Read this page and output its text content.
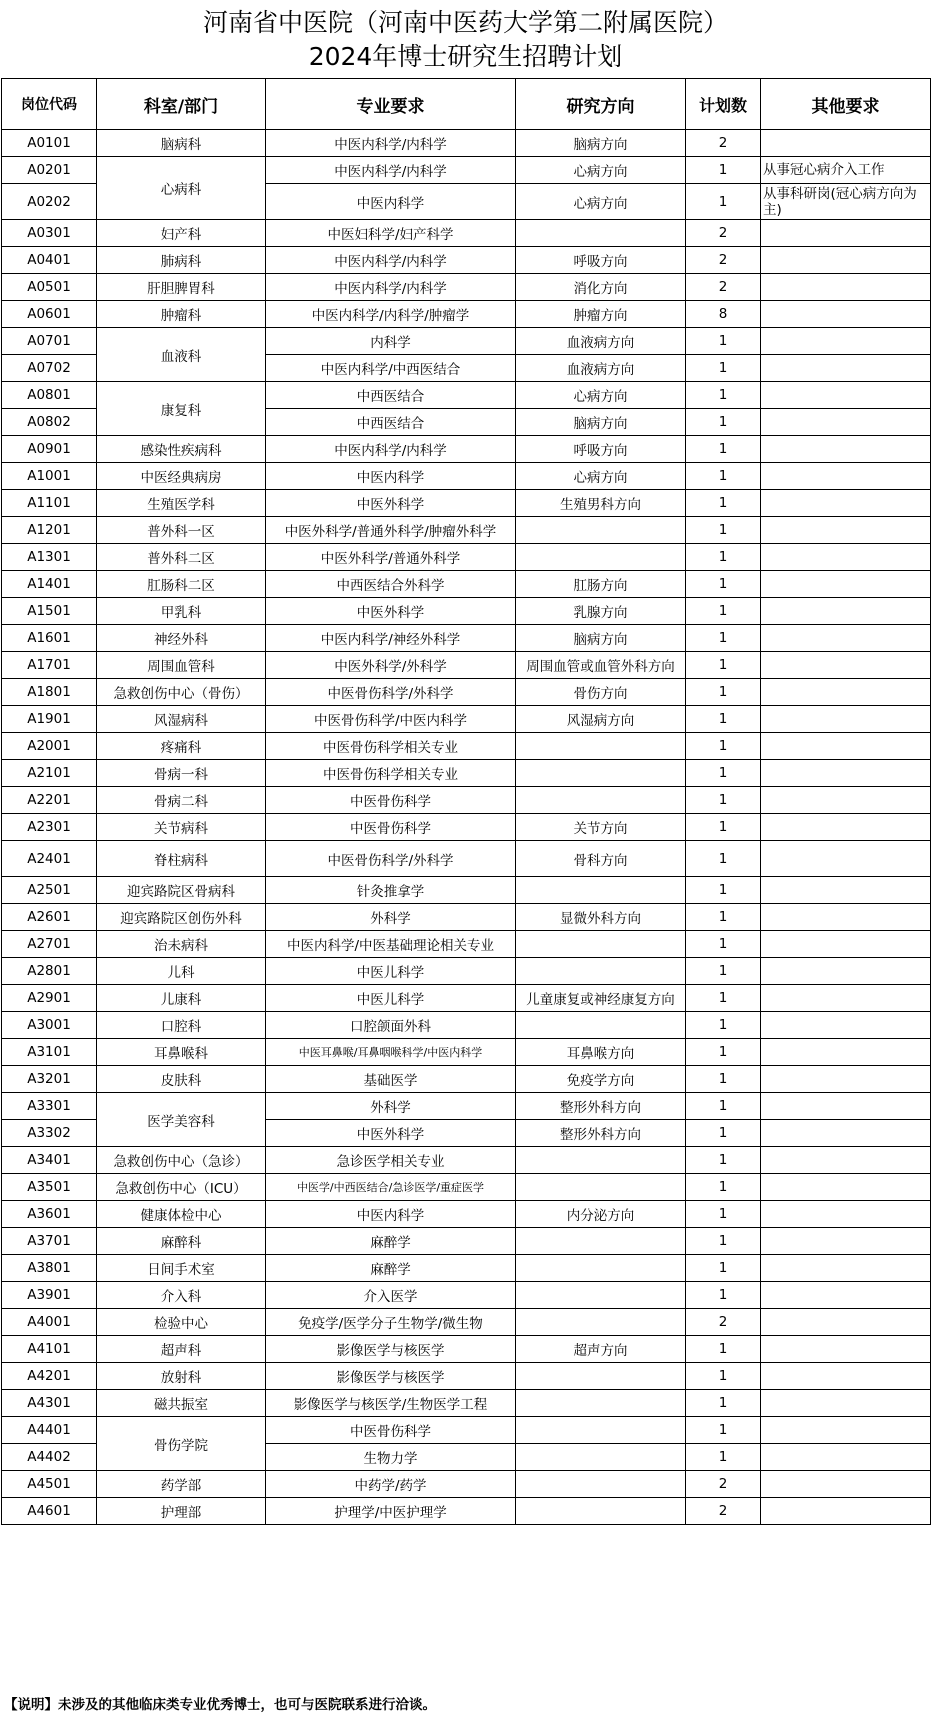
河南省中医院（河南中医药大学第二附属医院）
2024年博士研究生招聘计划
岗位代码	科室/部门	专业要求	研究方向	计划数	其他要求
A0101	脑病科	中医内科学/内科学	脑病方向	2	
A0201	心病科	中医内科学/内科学	心病方向	1	从事冠心病介入工作
A0202		中医内科学	心病方向	1	从事科研岗(冠心病方向为主)
A0301	妇产科	中医妇科学/妇产科学		2	
A0401	肺病科	中医内科学/内科学	呼吸方向	2	
A0501	肝胆脾胃科	中医内科学/内科学	消化方向	2	
A0601	肿瘤科	中医内科学/内科学/肿瘤学	肿瘤方向	8	
A0701	血液科	内科学	血液病方向	1	
A0702		中医内科学/中西医结合	血液病方向	1	
A0801	康复科	中西医结合	心病方向	1	
A0802		中西医结合	脑病方向	1	
A0901	感染性疾病科	中医内科学/内科学	呼吸方向	1	
A1001	中医经典病房	中医内科学	心病方向	1	
A1101	生殖医学科	中医外科学	生殖男科方向	1	
A1201	普外科一区	中医外科学/普通外科学/肿瘤外科学		1	
A1301	普外科二区	中医外科学/普通外科学		1	
A1401	肛肠科二区	中西医结合外科学	肛肠方向	1	
A1501	甲乳科	中医外科学	乳腺方向	1	
A1601	神经外科	中医内科学/神经外科学	脑病方向	1	
A1701	周围血管科	中医外科学/外科学	周围血管或血管外科方向	1	
A1801	急救创伤中心（骨伤）	中医骨伤科学/外科学	骨伤方向	1	
A1901	风湿病科	中医骨伤科学/中医内科学	风湿病方向	1	
A2001	疼痛科	中医骨伤科学相关专业		1	
A2101	骨病一科	中医骨伤科学相关专业		1	
A2201	骨病二科	中医骨伤科学		1	
A2301	关节病科	中医骨伤科学	关节方向	1	
A2401	脊柱病科	中医骨伤科学/外科学	骨科方向	1	
A2501	迎宾路院区骨病科	针灸推拿学		1	
A2601	迎宾路院区创伤外科	外科学	显微外科方向	1	
A2701	治未病科	中医内科学/中医基础理论相关专业		1	
A2801	儿科	中医儿科学		1	
A2901	儿康科	中医儿科学	儿童康复或神经康复方向	1	
A3001	口腔科	口腔颌面外科		1	
A3101	耳鼻喉科	中医耳鼻喉/耳鼻咽喉科学/中医内科学	耳鼻喉方向	1	
A3201	皮肤科	基础医学	免疫学方向	1	
A3301	医学美容科	外科学	整形外科方向	1	
A3302		中医外科学	整形外科方向	1	
A3401	急救创伤中心（急诊）	急诊医学相关专业		1	
A3501	急救创伤中心（ICU）	中医学/中西医结合/急诊医学/重症医学		1	
A3601	健康体检中心	中医内科学	内分泌方向	1	
A3701	麻醉科	麻醉学		1	
A3801	日间手术室	麻醉学		1	
A3901	介入科	介入医学		1	
A4001	检验中心	免疫学/医学分子生物学/微生物		2	
A4101	超声科	影像医学与核医学	超声方向	1	
A4201	放射科	影像医学与核医学		1	
A4301	磁共振室	影像医学与核医学/生物医学工程		1	
A4401	骨伤学院	中医骨伤科学		1	
A4402		生物力学		1	
A4501	药学部	中药学/药学		2	
A4601	护理部	护理学/中医护理学		2	
【说明】未涉及的其他临床类专业优秀博士，也可与医院联系进行洽谈。
